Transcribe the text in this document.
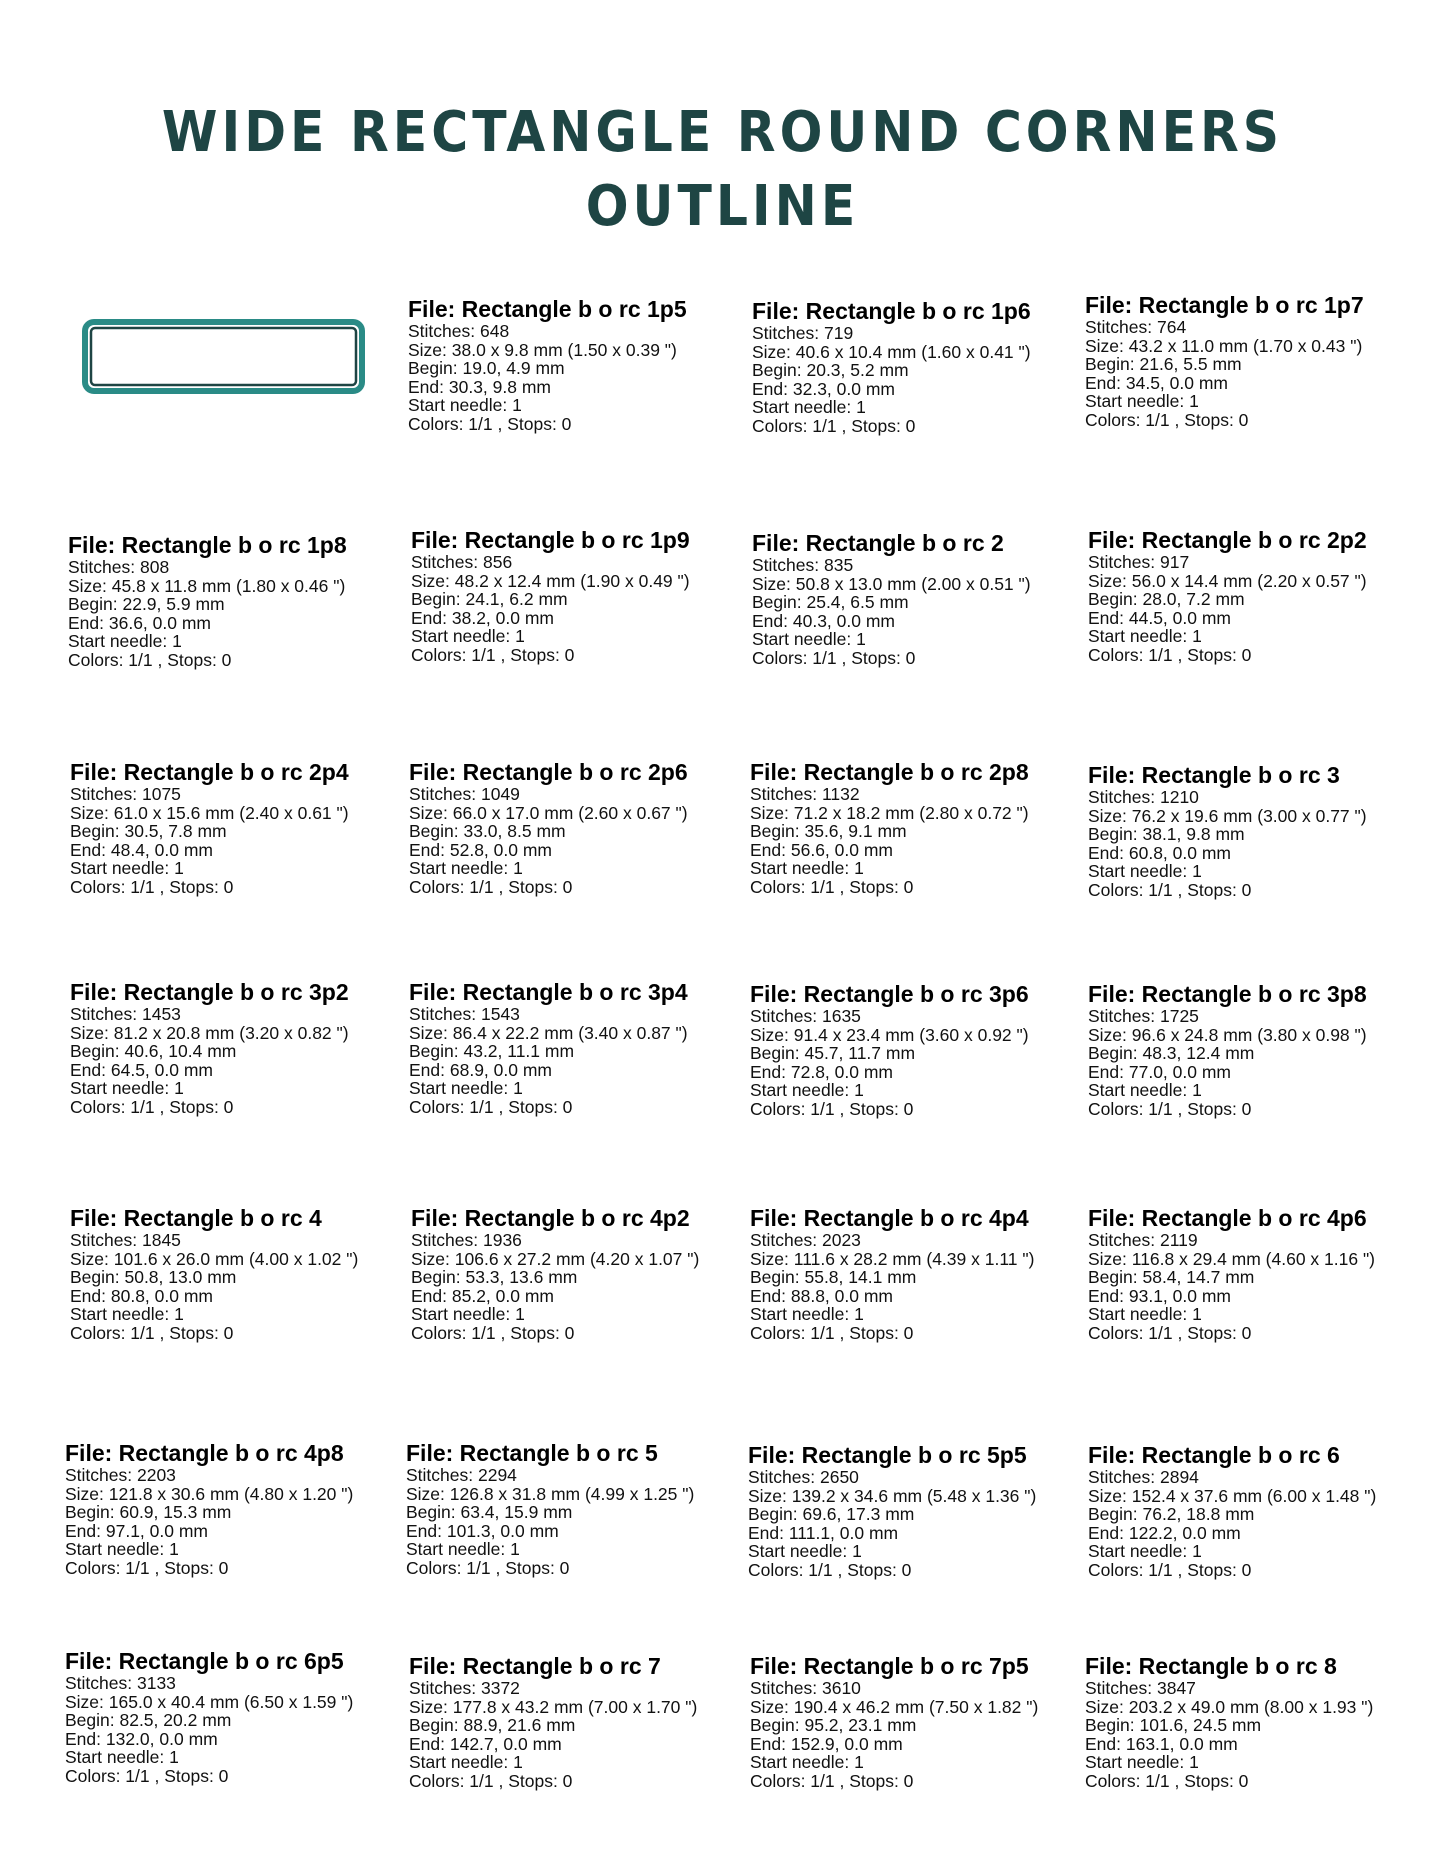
WIDE RECTANGLE ROUND CORNERS
OUTLINE
File: Rectangle b o rc 1p5
Stitches: 648
Size: 38.0 x 9.8 mm (1.50 x 0.39 ")
Begin: 19.0, 4.9 mm
End: 30.3, 9.8 mm
Start needle: 1
Colors: 1/1 , Stops: 0
File: Rectangle b o rc 1p6
Stitches: 719
Size: 40.6 x 10.4 mm (1.60 x 0.41 ")
Begin: 20.3, 5.2 mm
End: 32.3, 0.0 mm
Start needle: 1
Colors: 1/1 , Stops: 0
File: Rectangle b o rc 1p7
Stitches: 764
Size: 43.2 x 11.0 mm (1.70 x 0.43 ")
Begin: 21.6, 5.5 mm
End: 34.5, 0.0 mm
Start needle: 1
Colors: 1/1 , Stops: 0
File: Rectangle b o rc 1p8
Stitches: 808
Size: 45.8 x 11.8 mm (1.80 x 0.46 ")
Begin: 22.9, 5.9 mm
End: 36.6, 0.0 mm
Start needle: 1
Colors: 1/1 , Stops: 0
File: Rectangle b o rc 1p9
Stitches: 856
Size: 48.2 x 12.4 mm (1.90 x 0.49 ")
Begin: 24.1, 6.2 mm
End: 38.2, 0.0 mm
Start needle: 1
Colors: 1/1 , Stops: 0
File: Rectangle b o rc 2
Stitches: 835
Size: 50.8 x 13.0 mm (2.00 x 0.51 ")
Begin: 25.4, 6.5 mm
End: 40.3, 0.0 mm
Start needle: 1
Colors: 1/1 , Stops: 0
File: Rectangle b o rc 2p2
Stitches: 917
Size: 56.0 x 14.4 mm (2.20 x 0.57 ")
Begin: 28.0, 7.2 mm
End: 44.5, 0.0 mm
Start needle: 1
Colors: 1/1 , Stops: 0
File: Rectangle b o rc 2p4
Stitches: 1075
Size: 61.0 x 15.6 mm (2.40 x 0.61 ")
Begin: 30.5, 7.8 mm
End: 48.4, 0.0 mm
Start needle: 1
Colors: 1/1 , Stops: 0
File: Rectangle b o rc 2p6
Stitches: 1049
Size: 66.0 x 17.0 mm (2.60 x 0.67 ")
Begin: 33.0, 8.5 mm
End: 52.8, 0.0 mm
Start needle: 1
Colors: 1/1 , Stops: 0
File: Rectangle b o rc 2p8
Stitches: 1132
Size: 71.2 x 18.2 mm (2.80 x 0.72 ")
Begin: 35.6, 9.1 mm
End: 56.6, 0.0 mm
Start needle: 1
Colors: 1/1 , Stops: 0
File: Rectangle b o rc 3
Stitches: 1210
Size: 76.2 x 19.6 mm (3.00 x 0.77 ")
Begin: 38.1, 9.8 mm
End: 60.8, 0.0 mm
Start needle: 1
Colors: 1/1 , Stops: 0
File: Rectangle b o rc 3p2
Stitches: 1453
Size: 81.2 x 20.8 mm (3.20 x 0.82 ")
Begin: 40.6, 10.4 mm
End: 64.5, 0.0 mm
Start needle: 1
Colors: 1/1 , Stops: 0
File: Rectangle b o rc 3p4
Stitches: 1543
Size: 86.4 x 22.2 mm (3.40 x 0.87 ")
Begin: 43.2, 11.1 mm
End: 68.9, 0.0 mm
Start needle: 1
Colors: 1/1 , Stops: 0
File: Rectangle b o rc 3p6
Stitches: 1635
Size: 91.4 x 23.4 mm (3.60 x 0.92 ")
Begin: 45.7, 11.7 mm
End: 72.8, 0.0 mm
Start needle: 1
Colors: 1/1 , Stops: 0
File: Rectangle b o rc 3p8
Stitches: 1725
Size: 96.6 x 24.8 mm (3.80 x 0.98 ")
Begin: 48.3, 12.4 mm
End: 77.0, 0.0 mm
Start needle: 1
Colors: 1/1 , Stops: 0
File: Rectangle b o rc 4
Stitches: 1845
Size: 101.6 x 26.0 mm (4.00 x 1.02 ")
Begin: 50.8, 13.0 mm
End: 80.8, 0.0 mm
Start needle: 1
Colors: 1/1 , Stops: 0
File: Rectangle b o rc 4p2
Stitches: 1936
Size: 106.6 x 27.2 mm (4.20 x 1.07 ")
Begin: 53.3, 13.6 mm
End: 85.2, 0.0 mm
Start needle: 1
Colors: 1/1 , Stops: 0
File: Rectangle b o rc 4p4
Stitches: 2023
Size: 111.6 x 28.2 mm (4.39 x 1.11 ")
Begin: 55.8, 14.1 mm
End: 88.8, 0.0 mm
Start needle: 1
Colors: 1/1 , Stops: 0
File: Rectangle b o rc 4p6
Stitches: 2119
Size: 116.8 x 29.4 mm (4.60 x 1.16 ")
Begin: 58.4, 14.7 mm
End: 93.1, 0.0 mm
Start needle: 1
Colors: 1/1 , Stops: 0
File: Rectangle b o rc 4p8
Stitches: 2203
Size: 121.8 x 30.6 mm (4.80 x 1.20 ")
Begin: 60.9, 15.3 mm
End: 97.1, 0.0 mm
Start needle: 1
Colors: 1/1 , Stops: 0
File: Rectangle b o rc 5
Stitches: 2294
Size: 126.8 x 31.8 mm (4.99 x 1.25 ")
Begin: 63.4, 15.9 mm
End: 101.3, 0.0 mm
Start needle: 1
Colors: 1/1 , Stops: 0
File: Rectangle b o rc 5p5
Stitches: 2650
Size: 139.2 x 34.6 mm (5.48 x 1.36 ")
Begin: 69.6, 17.3 mm
End: 111.1, 0.0 mm
Start needle: 1
Colors: 1/1 , Stops: 0
File: Rectangle b o rc 6
Stitches: 2894
Size: 152.4 x 37.6 mm (6.00 x 1.48 ")
Begin: 76.2, 18.8 mm
End: 122.2, 0.0 mm
Start needle: 1
Colors: 1/1 , Stops: 0
File: Rectangle b o rc 6p5
Stitches: 3133
Size: 165.0 x 40.4 mm (6.50 x 1.59 ")
Begin: 82.5, 20.2 mm
End: 132.0, 0.0 mm
Start needle: 1
Colors: 1/1 , Stops: 0
File: Rectangle b o rc 7
Stitches: 3372
Size: 177.8 x 43.2 mm (7.00 x 1.70 ")
Begin: 88.9, 21.6 mm
End: 142.7, 0.0 mm
Start needle: 1
Colors: 1/1 , Stops: 0
File: Rectangle b o rc 7p5
Stitches: 3610
Size: 190.4 x 46.2 mm (7.50 x 1.82 ")
Begin: 95.2, 23.1 mm
End: 152.9, 0.0 mm
Start needle: 1
Colors: 1/1 , Stops: 0
File: Rectangle b o rc 8
Stitches: 3847
Size: 203.2 x 49.0 mm (8.00 x 1.93 ")
Begin: 101.6, 24.5 mm
End: 163.1, 0.0 mm
Start needle: 1
Colors: 1/1 , Stops: 0
